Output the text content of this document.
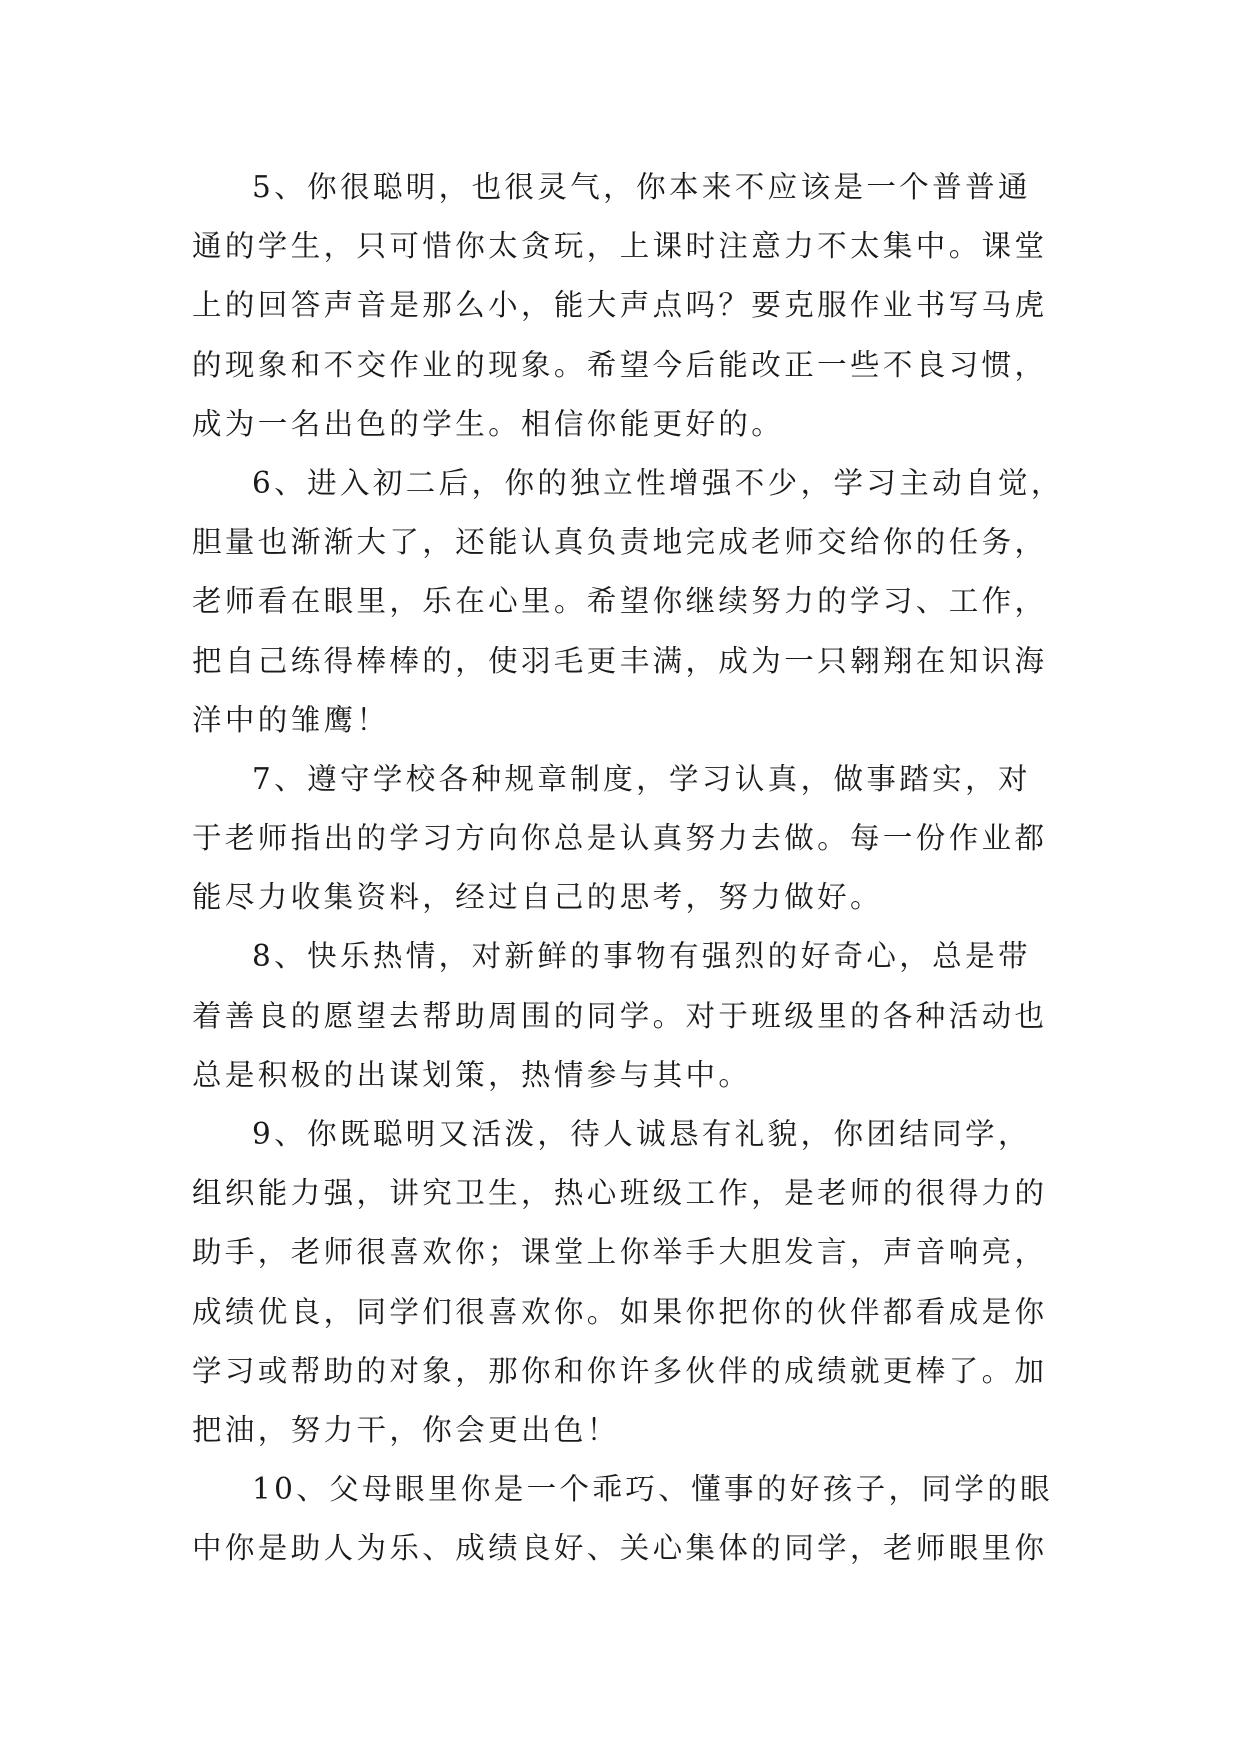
5、你很聪明，也很灵气，你本来不应该是一个普普通
通的学生，只可惜你太贪玩，上课时注意力不太集中。课堂
上的回答声音是那么小，能大声点吗？要克服作业书写马虎
的现象和不交作业的现象。希望今后能改正一些不良习惯，
成为一名出色的学生。相信你能更好的。
6、进入初二后，你的独立性增强不少，学习主动自觉，
胆量也渐渐大了，还能认真负责地完成老师交给你的任务，
老师看在眼里，乐在心里。希望你继续努力的学习、工作，
把自己练得棒棒的，使羽毛更丰满，成为一只翱翔在知识海
洋中的雏鹰！
7、遵守学校各种规章制度，学习认真，做事踏实，对
于老师指出的学习方向你总是认真努力去做。每一份作业都
能尽力收集资料，经过自己的思考，努力做好。
8、快乐热情，对新鲜的事物有强烈的好奇心，总是带
着善良的愿望去帮助周围的同学。对于班级里的各种活动也
总是积极的出谋划策，热情参与其中。
9、你既聪明又活泼，待人诚恳有礼貌，你团结同学，
组织能力强，讲究卫生，热心班级工作，是老师的很得力的
助手，老师很喜欢你；课堂上你举手大胆发言，声音响亮，
成绩优良，同学们很喜欢你。如果你把你的伙伴都看成是你
学习或帮助的对象，那你和你许多伙伴的成绩就更棒了。加
把油，努力干，你会更出色！
10、父母眼里你是一个乖巧、懂事的好孩子，同学的眼
中你是助人为乐、成绩良好、关心集体的同学，老师眼里你
